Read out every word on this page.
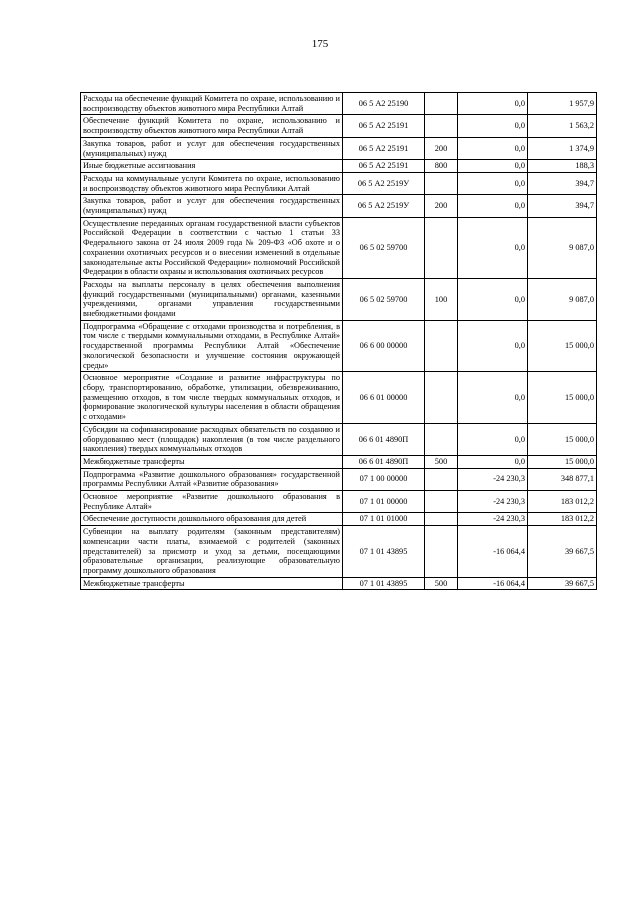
175
Расходы на обеспечение функций Комитета по охране, использованию и воспроизводству объектов животного мира Республики Алтай	06 5 А2 25190		0,0	1 957,9
Обеспечение функций Комитета по охране, использованию и воспроизводству объектов животного мира Республики Алтай	06 5 А2 25191		0,0	1 563,2
Закупка товаров, работ и услуг для обеспечения государственных (муниципальных) нужд	06 5 А2 25191	200	0,0	1 374,9
Иные бюджетные ассигнования	06 5 А2 25191	800	0,0	188,3
Расходы на коммунальные услуги Комитета по охране, использованию и воспроизводству объектов животного мира Республики Алтай	06 5 А2 2519У		0,0	394,7
Закупка товаров, работ и услуг для обеспечения государственных (муниципальных) нужд	06 5 А2 2519У	200	0,0	394,7
Осуществление переданных органам государственной власти субъектов Российской Федерации в соответствии с частью 1 статьи 33 Федерального закона от 24 июля 2009 года № 209-ФЗ «Об охоте и о сохранении охотничьих ресурсов и о внесении изменений в отдельные законодательные акты Российской Федерации» полномочий Российской Федерации в области охраны и использования охотничьих ресурсов	06 5 02 59700		0,0	9 087,0
Расходы на выплаты персоналу в целях обеспечения выполнения функций государственными (муниципальными) органами, казенными учреждениями, органами управления государственными внебюджетными фондами	06 5 02 59700	100	0,0	9 087,0
Подпрограмма «Обращение с отходами производства и потребления, в том числе с твердыми коммунальными отходами, в Республике Алтай» государственной программы Республики Алтай «Обеспечение экологической безопасности и улучшение состояния окружающей среды»	06 6 00 00000		0,0	15 000,0
Основное мероприятие «Создание и развитие инфраструктуры по сбору, транспортированию, обработке, утилизации, обезвреживанию, размещению отходов, в том числе твердых коммунальных отходов, и формирование экологической культуры населения в области обращения с отходами»	06 6 01 00000		0,0	15 000,0
Субсидии на софинансирование расходных обязательств по созданию и оборудованию мест (площадок) накопления (в том числе раздельного накопления) твердых коммунальных отходов	06 6 01 4890П		0,0	15 000,0
Межбюджетные трансферты	06 6 01 4890П	500	0,0	15 000,0
Подпрограмма «Развитие дошкольного образования» государственной программы Республики Алтай «Развитие образования»	07 1 00 00000		-24 230,3	348 877,1
Основное мероприятие «Развитие дошкольного образования в Республике Алтай»	07 1 01 00000		-24 230,3	183 012,2
Обеспечение доступности дошкольного образования для детей	07 1 01 01000		-24 230,3	183 012,2
Субвенции на выплату родителям (законным представителям) компенсации части платы, взимаемой с родителей (законных представителей) за присмотр и уход за детьми, посещающими образовательные организации, реализующие образовательную программу дошкольного образования	07 1 01 43895		-16 064,4	39 667,5
Межбюджетные трансферты	07 1 01 43895	500	-16 064,4	39 667,5
